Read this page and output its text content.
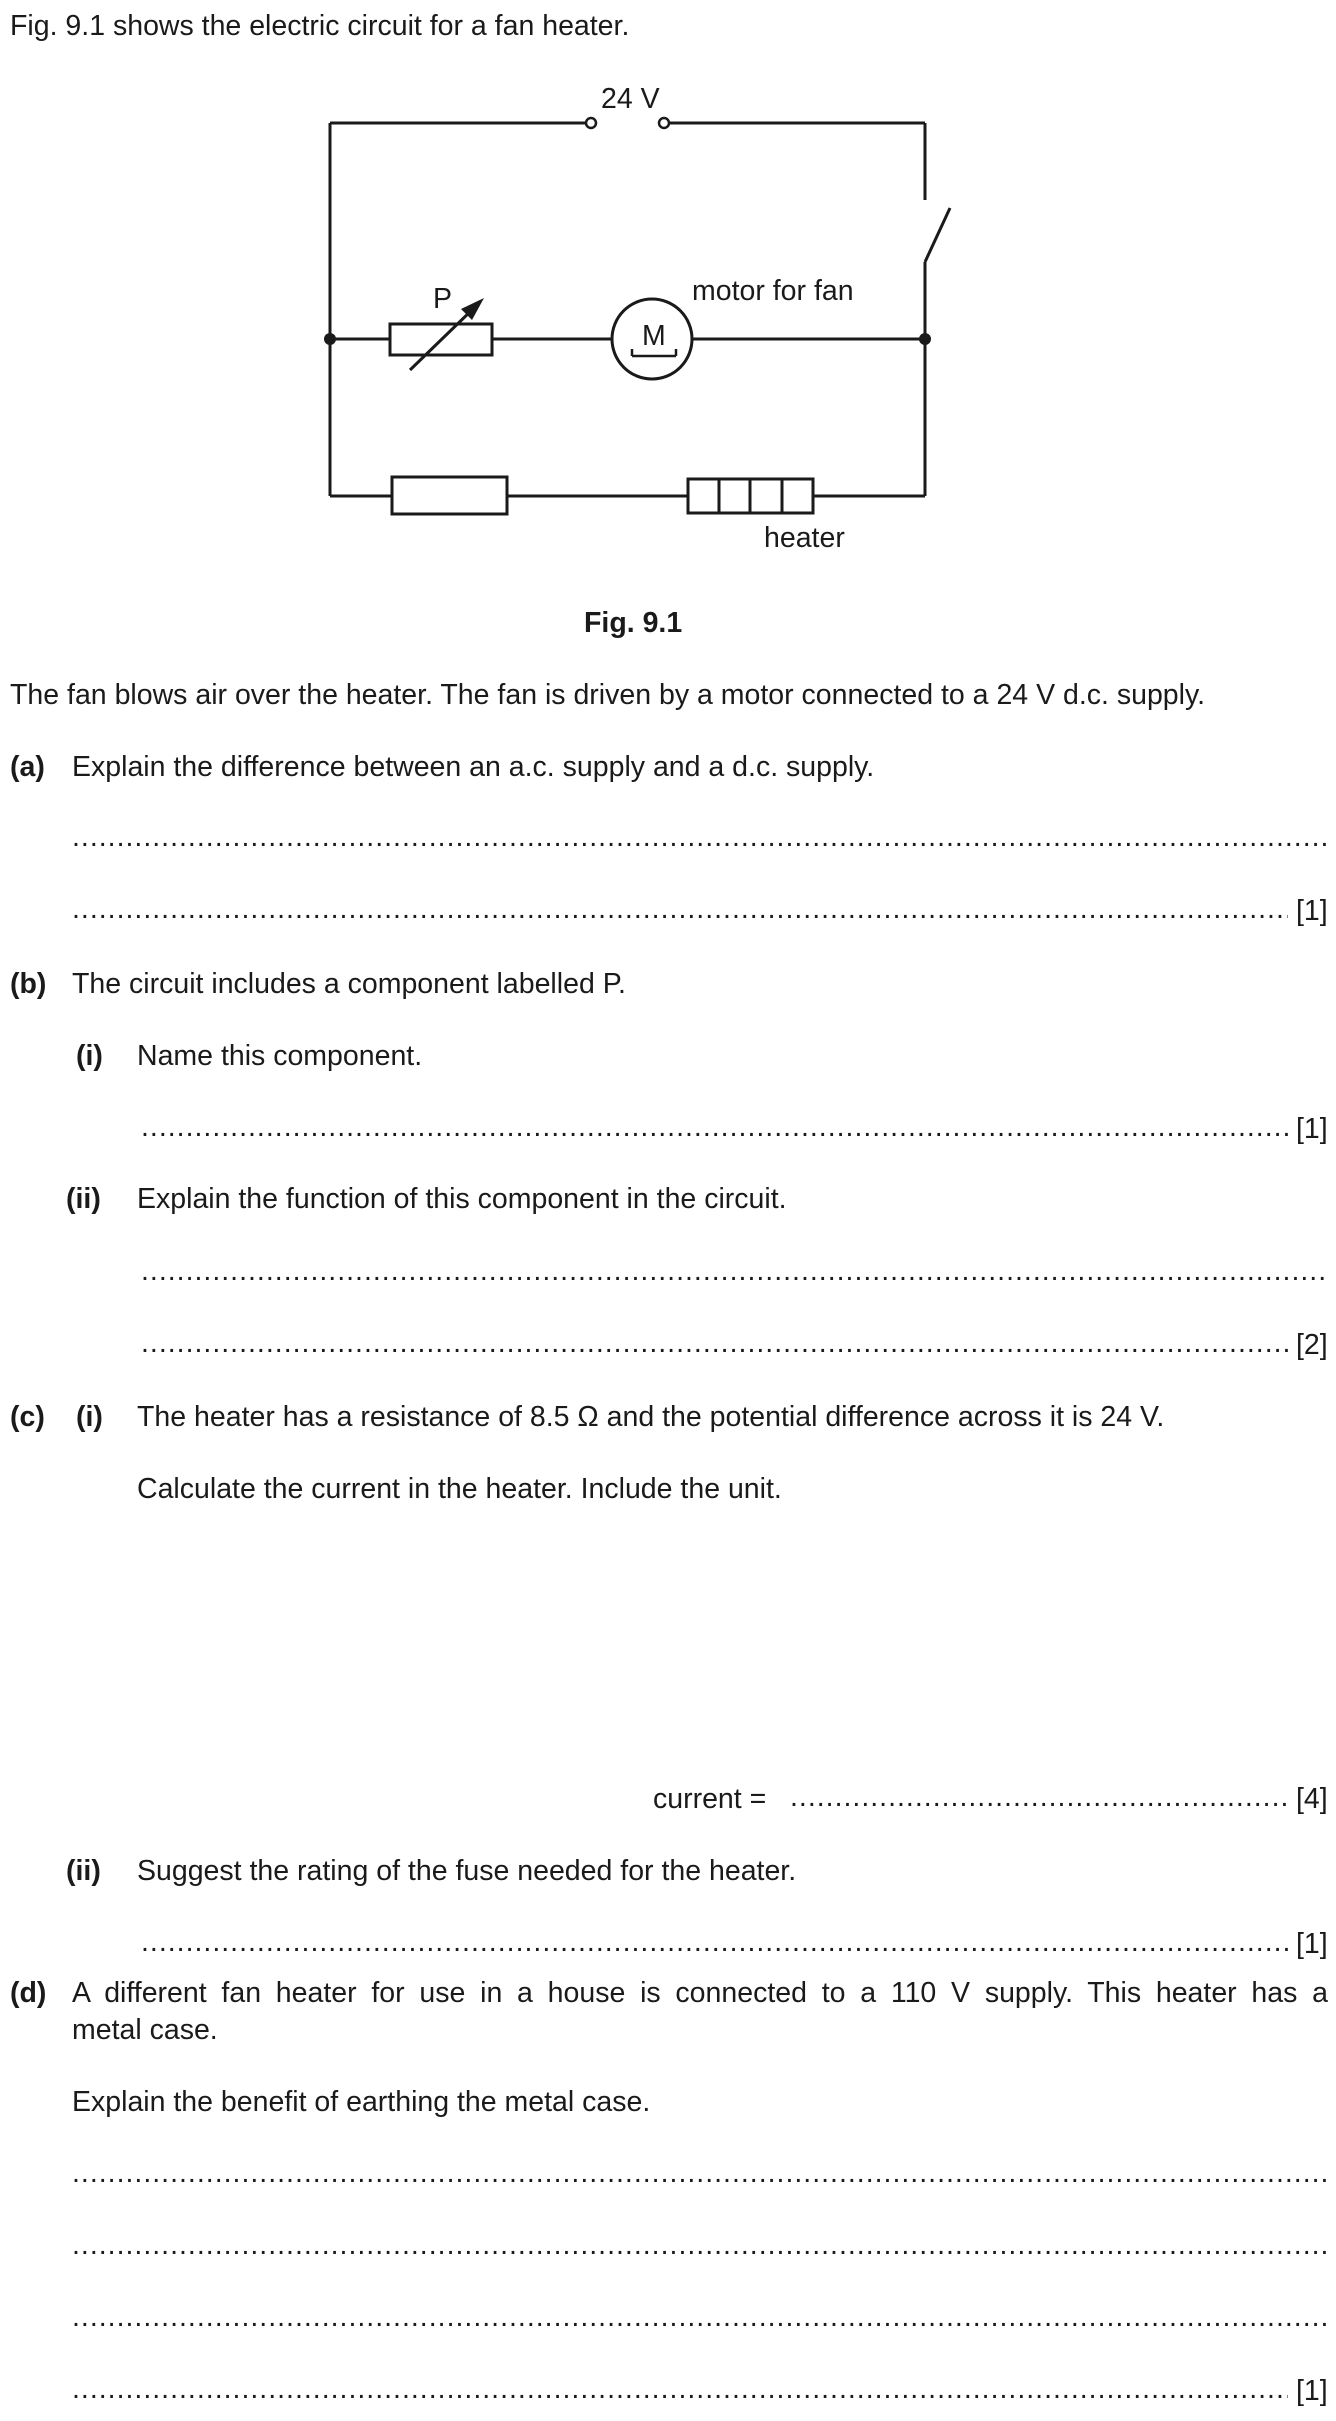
Fig. 9.1 shows the electric circuit for a fan heater.
24 V
P
M
motor for fan
heater
Fig. 9.1
The fan blows air over the heater. The fan is driven by a motor connected to a 24 V d.c. supply.
(a) Explain the difference between an a.c. supply and a d.c. supply.
.....
.....
[1]
(b) The circuit includes a component labelled P.
(i) Name this component.
.....
[1]
(ii) Explain the function of this component in the circuit.
.....
.....
[2]
(c) (i) The heater has a resistance of 8.5 Ω and the potential difference across it is 24 V.
Calculate the current in the heater. Include the unit.
current =
.....	[4]
(ii) Suggest the rating of the fuse needed for the heater.
.....
[1]
(d) A different fan heater for use in a house is connected to a 110 V supply. This heater has a
metal case.
Explain the benefit of earthing the metal case.
.....
.....
.....
.....
[1]
